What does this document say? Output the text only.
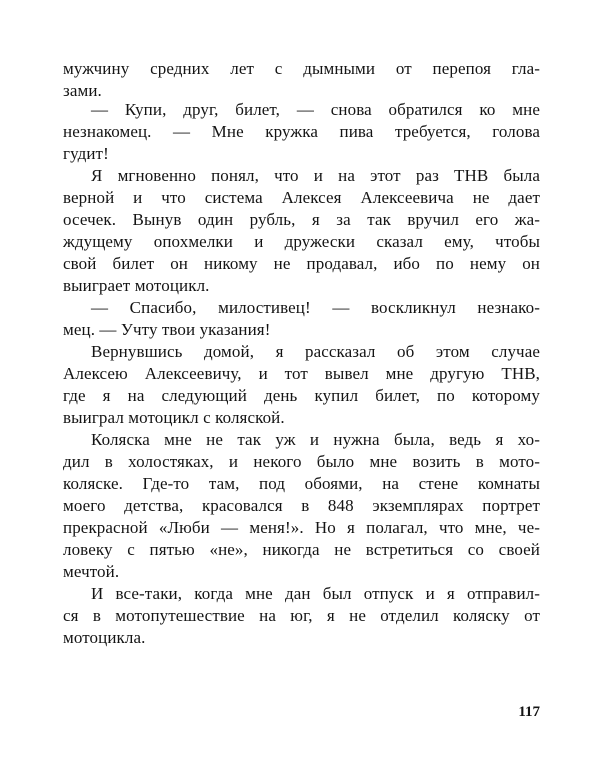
мужчину средних лет с дымными от перепоя гла-
зами.
— Купи, друг, билет, — снова обратился ко мне
незнакомец. — Мне кружка пива требуется, голова
гудит!
Я мгновенно понял, что и на этот раз ТНВ была
верной и что система Алексея Алексеевича не дает
осечек. Вынув один рубль, я за так вручил его жа-
ждущему опохмелки и дружески сказал ему, чтобы
свой билет он никому не продавал, ибо по нему он
выиграет мотоцикл.
— Спасибо, милостивец! — воскликнул незнако-
мец. — Учту твои указания!
Вернувшись домой, я рассказал об этом случае
Алексею Алексеевичу, и тот вывел мне другую ТНВ,
где я на следующий день купил билет, по которому
выиграл мотоцикл с коляской.
Коляска мне не так уж и нужна была, ведь я хо-
дил в холостяках, и некого было мне возить в мото-
коляске. Где-то там, под обоями, на стене комнаты
моего детства, красовался в 848 экземплярах портрет
прекрасной «Люби — меня!». Но я полагал, что мне, че-
ловеку с пятью «не», никогда не встретиться со своей
мечтой.
И все-таки, когда мне дан был отпуск и я отправил-
ся в мотопутешествие на юг, я не отделил коляску от
мотоцикла.
117
